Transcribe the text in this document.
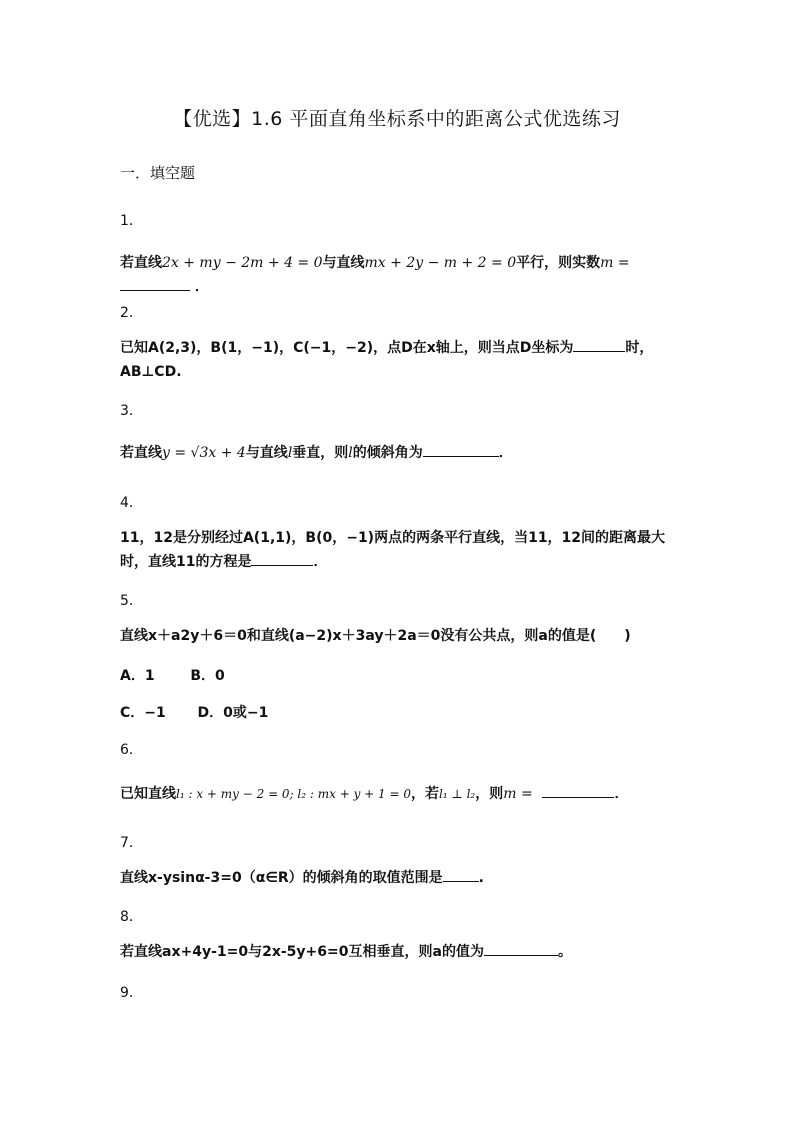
【优选】1.6 平面直角坐标系中的距离公式优选练习
一．填空题
1．
若直线2x + my − 2m + 4 = 0与直线mx + 2y − m + 2 = 0平行，则实数m =  ．
2．
已知A(2,3)，B(1，−1)，C(−1，−2)，点D在x轴上，则当点D坐标为	时，
AB⊥CD.
3．
若直线y = √3x + 4与直线l垂直，则l的倾斜角为	．
4．
11，12是分别经过A(1,1)，B(0，−1)两点的两条平行直线，当11，12间的距离最大
时，直线11的方程是	．
5．
直线x＋a2y＋6＝0和直线(a−2)x＋3ay＋2a＝0没有公共点，则a的值是(　　)
A．1	B．0
C．−1 D．0或−1
6．
已知直线l₁ : x + my − 2 = 0; l₂ : mx + y + 1 = 0，若l₁ ⊥ l₂，则m =	．
7．
直线x-ysinα-3=0（α∈R）的倾斜角的取值范围是	.
8．
若直线ax+4y-1=0与2x-5y+6=0互相垂直，则a的值为	。
9．
